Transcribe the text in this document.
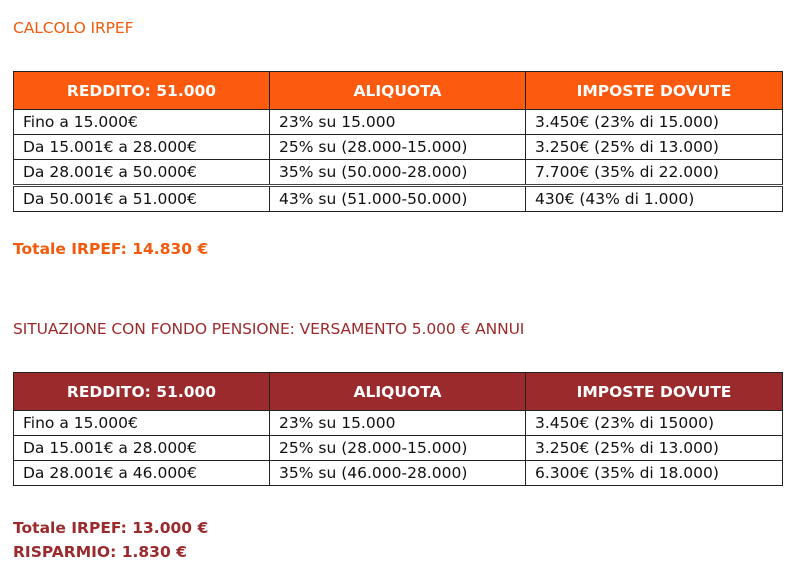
CALCOLO IRPEF
REDDITO: 51.000	ALIQUOTA	IMPOSTE DOVUTE
Fino a 15.000€	23% su 15.000	3.450€ (23% di 15.000)
Da 15.001€ a 28.000€	25% su (28.000-15.000)	3.250€ (25% di 13.000)
Da 28.001€ a 50.000€	35% su (50.000-28.000)	7.700€ (35% di 22.000)
Da 50.001€ a 51.000€	43% su (51.000-50.000)	430€ (43% di 1.000)
Totale IRPEF: 14.830 €
SITUAZIONE CON FONDO PENSIONE: VERSAMENTO 5.000 € ANNUI
REDDITO: 51.000	ALIQUOTA	IMPOSTE DOVUTE
Fino a 15.000€	23% su 15.000	3.450€ (23% di 15000)
Da 15.001€ a 28.000€	25% su (28.000-15.000)	3.250€ (25% di 13.000)
Da 28.001€ a 46.000€	35% su (46.000-28.000)	6.300€ (35% di 18.000)
Totale IRPEF: 13.000 €
RISPARMIO: 1.830 €
